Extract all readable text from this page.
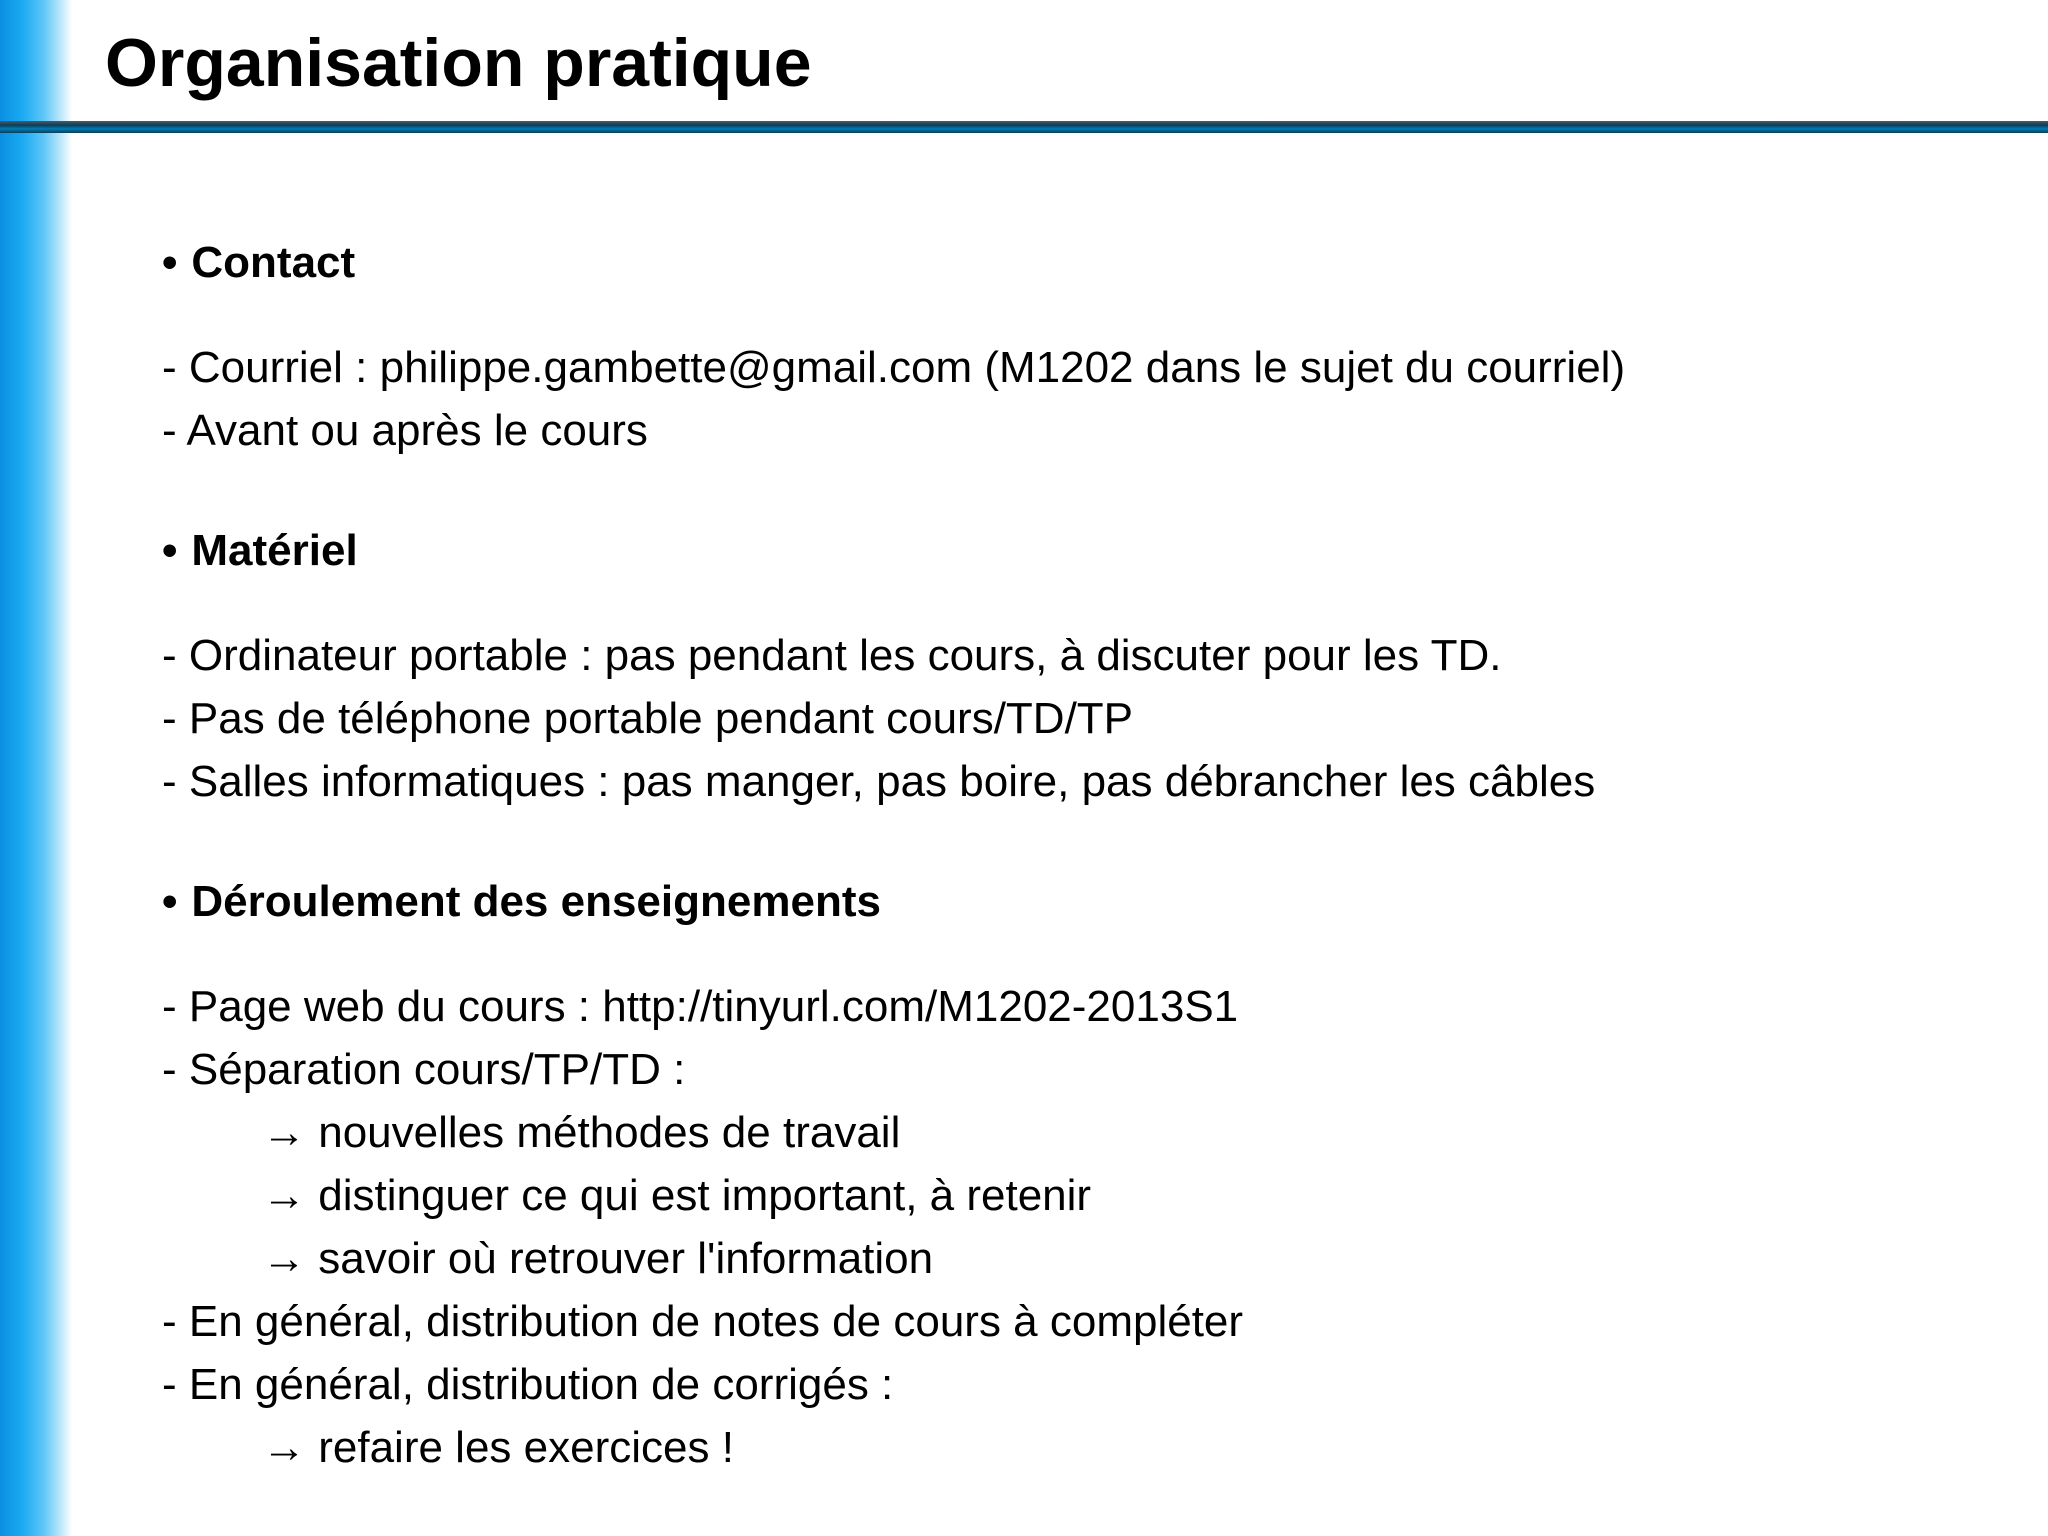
Organisation pratique
• Contact
- Courriel : philippe.gambette@gmail.com (M1202 dans le sujet du courriel)
- Avant ou après le cours
• Matériel
- Ordinateur portable : pas pendant les cours, à discuter pour les TD.
- Pas de téléphone portable pendant cours/TD/TP
- Salles informatiques : pas manger, pas boire, pas débrancher les câbles
• Déroulement des enseignements
- Page web du cours : http://tinyurl.com/M1202-2013S1
- Séparation cours/TP/TD :
→ nouvelles méthodes de travail
→ distinguer ce qui est important, à retenir
→ savoir où retrouver l'information
- En général, distribution de notes de cours à compléter
- En général, distribution de corrigés :
→ refaire les exercices !
